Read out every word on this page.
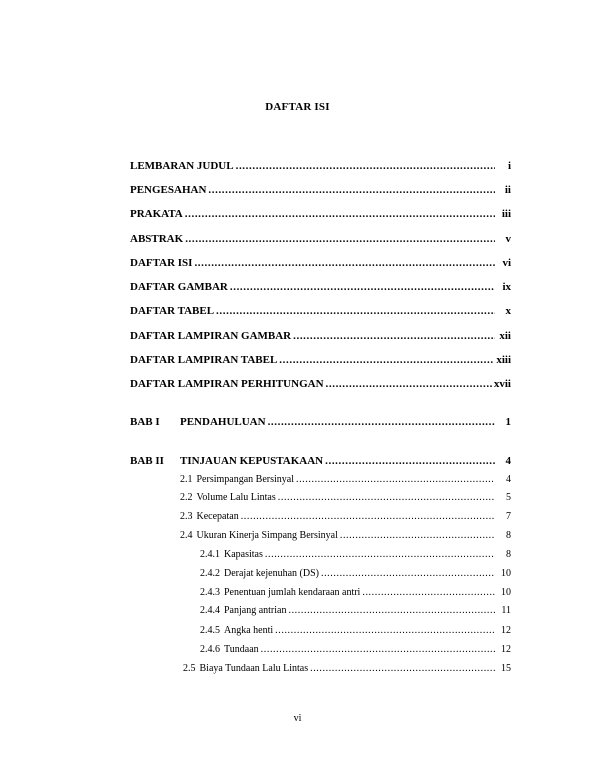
DAFTAR ISI
LEMBARAN JUDUL .....	i
PENGESAHAN .....	ii
PRAKATA .....	iii
ABSTRAK .....	v
DAFTAR ISI .....	vi
DAFTAR GAMBAR .....	ix
DAFTAR TABEL .....	x
DAFTAR LAMPIRAN GAMBAR .....	xii
DAFTAR LAMPIRAN TABEL .....	xiii
DAFTAR LAMPIRAN PERHITUNGAN .....	xvii
BAB I	PENDAHULUAN .....	1
BAB II	TINJAUAN KEPUSTAKAAN .....	4
2.1 Persimpangan Bersinyal .....	4
2.2 Volume Lalu Lintas .....	5
2.3 Kecepatan .....	7
2.4 Ukuran Kinerja Simpang Bersinyal .....	8
2.4.1 Kapasitas .....	8
2.4.2 Derajat kejenuhan (DS) .....	10
2.4.3 Penentuan jumlah kendaraan antri .....	10
2.4.4 Panjang antrian .....	11
2.4.5 Angka henti .....	12
2.4.6 Tundaan .....	12
2.5 Biaya Tundaan Lalu Lintas .....	15
vi
